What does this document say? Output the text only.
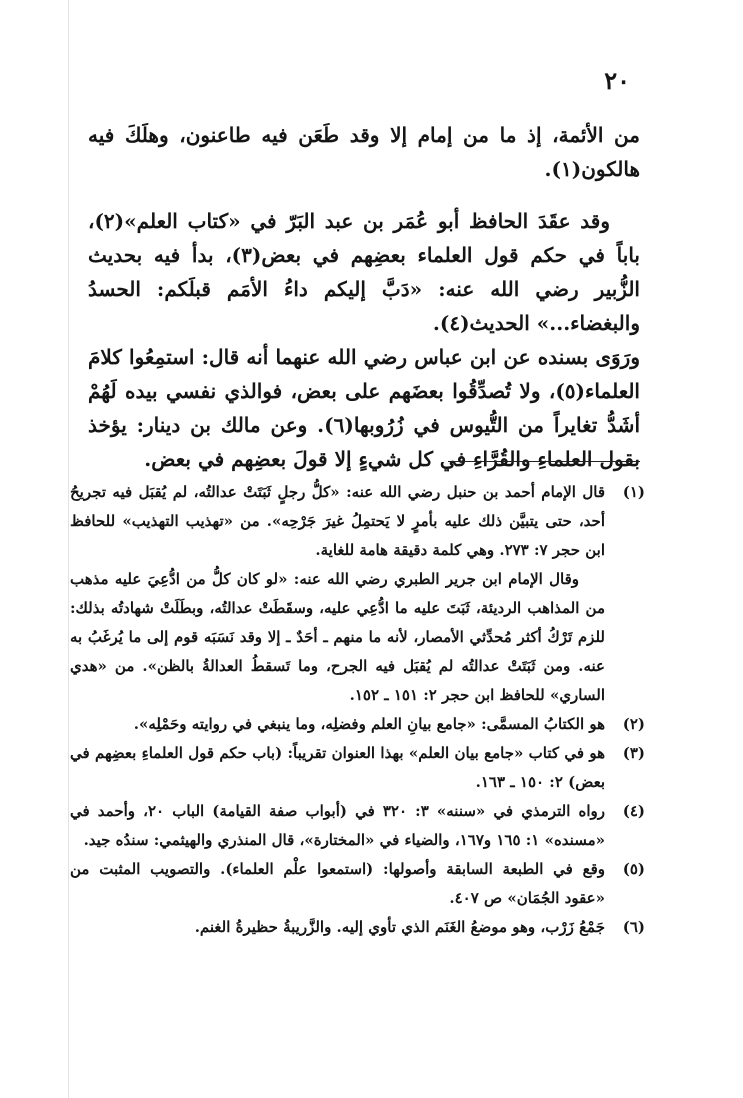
٢٠

من الأئمة، إذ ما من إمام إلا وقد طَعَن فيه طاعنون، وهلَكَ فيه هالكون(١).

وقد عقَدَ الحافظ أبو عُمَر بن عبد البَرّ في «كتاب العلم»(٢)، باباً في حكم قول العلماء بعضِهم في بعض(٣)، بدأ فيه بحديث الزُّبير رضي الله عنه: «دَبَّ إليكم داءُ الأمَم قبلَكم: الحسدُ والبغضاء...» الحديث(٤).

ورَوَى بسنده عن ابن عباس رضي الله عنهما أنه قال: استمِعُوا كلامَ العلماء(٥)، ولا تُصدِّقُوا بعضَهم على بعض، فوالذي نفسي بيده لَهُمْ أشَدُّ تغايراً من التُّيوس في زُرُوبها(٦). وعن مالك بن دينار: يؤخذ بقول العلماءِ والقُرَّاءِ في كل شيءٍ إلا قولَ بعضِهم في بعض.

(١)

قال الإمام أحمد بن حنبل رضي الله عنه: «كلُّ رجلٍ ثَبَتَتْ عدالتُه، لم يُقبَل فيه تجريحُ أحد، حتى يتبيَّن ذلك عليه بأمرٍ لا يَحتمِلُ غيرَ جَرْحِه». من «تهذيب التهذيب» للحافظ ابن حجر ٧: ٢٧٣. وهي كلمة دقيقة هامة للغاية.

وقال الإمام ابن جرير الطبري رضي الله عنه: «لو كان كلُّ من ادُّعِيَ عليه مذهب من المذاهب الرديئة، ثَبَتَ عليه ما ادُّعِي عليه، وسقَطَتْ عدالتُه، وبطَلَتْ شهادتُه بذلك: للزم تَرْكُ أكثر مُحدِّثي الأمصار، لأنه ما منهم ـ أحَدٌ ـ إلا وقد نَسَبَه قوم إلى ما يُرغَبُ به عنه. ومن ثَبَتَتْ عدالتُه لم يُقبَل فيه الجرح، وما تَسقطُ العدالةُ بالظن». من «هدي الساري» للحافظ ابن حجر ٢: ١٥١ ـ ١٥٢.

(٢)

هو الكتابُ المسمَّى: «جامع بيانِ العلم وفضلِه، وما ينبغي في روايته وحَمْلِه».

(٣)

هو في كتاب «جامع بيان العلم» بهذا العنوان تقريباً: (باب حكم قول العلماءِ بعضِهم في بعض) ٢: ١٥٠ ـ ١٦٣.

(٤)

رواه الترمذي في «سننه» ٣: ٣٢٠ في (أبواب صفة القيامة) الباب ٢٠، وأحمد في «مسنده» ١: ١٦٥ و١٦٧، والضياء في «المختارة»، قال المنذري والهيثمي: سندُه جيد.

(٥)

وقع في الطبعة السابقة وأصولها: (استمعوا علْم العلماء). والتصويب المثبت من «عقود الجُمَان» ص ٤٠٧.

(٦)

جَمْعُ زَرْب، وهو موضعُ الغَنَم الذي تأوي إليه. والزَّريبةُ حظيرةُ الغنم.
